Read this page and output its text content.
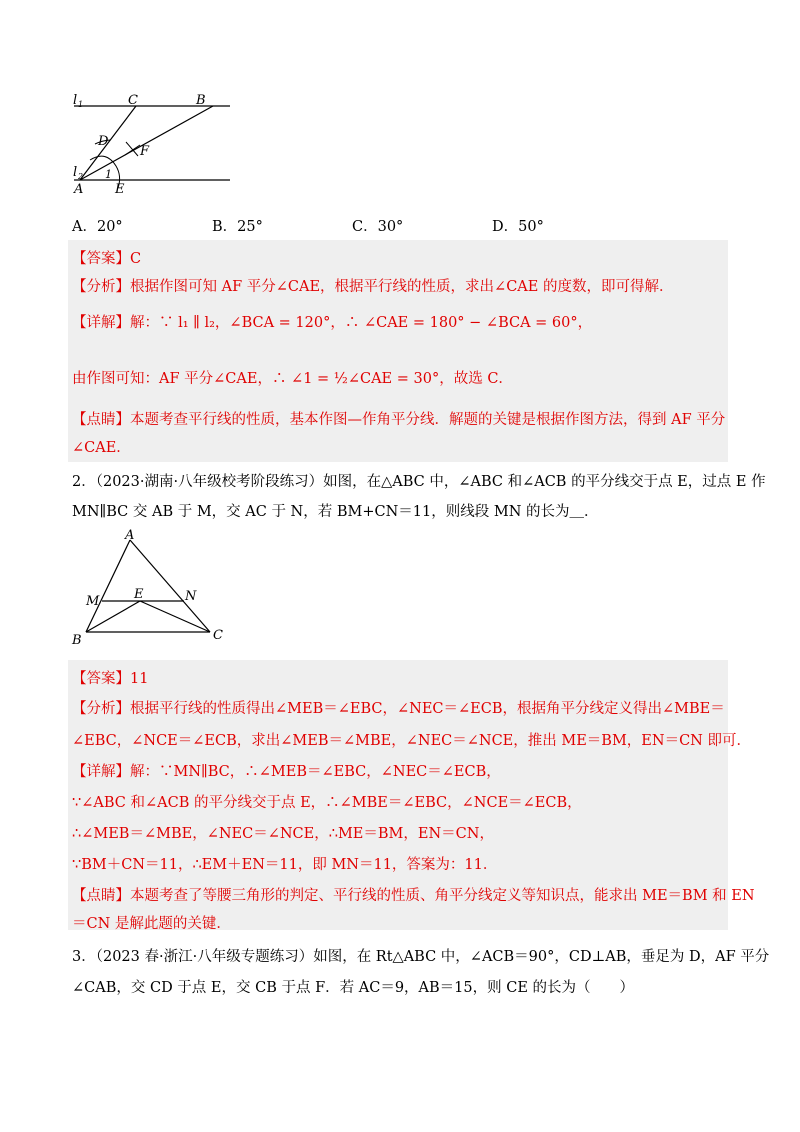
l 1	C	B
D
F
l 2 1
A E
A．20°	B．25°	C．30°	D．50°
【答案】C
【分析】根据作图可知 AF 平分∠CAE，根据平行线的性质，求出∠CAE 的度数，即可得解．
【详解】解：∵ l₁ ∥ l₂，∠BCA = 120°，∴ ∠CAE = 180° − ∠BCA = 60°，
由作图可知：AF 平分∠CAE，∴ ∠1 = ½∠CAE = 30°，故选 C．
【点睛】本题考查平行线的性质，基本作图—作角平分线．解题的关键是根据作图方法，得到 AF 平分
∠CAE．
2．（2023·湖南·八年级校考阶段练习）如图，在△ABC 中，∠ABC 和∠ACB 的平分线交于点 E，过点 E 作
MN∥BC 交 AB 于 M，交 AC 于 N，若 BM+CN＝11，则线段 MN 的长为＿．
A
M	E	N
B	C
【答案】11
【分析】根据平行线的性质得出∠MEB＝∠EBC，∠NEC＝∠ECB，根据角平分线定义得出∠MBE＝
∠EBC，∠NCE＝∠ECB，求出∠MEB＝∠MBE，∠NEC＝∠NCE，推出 ME＝BM，EN＝CN 即可．
【详解】解：∵MN∥BC，∴∠MEB＝∠EBC，∠NEC＝∠ECB，
∵∠ABC 和∠ACB 的平分线交于点 E，∴∠MBE＝∠EBC，∠NCE＝∠ECB，
∴∠MEB＝∠MBE，∠NEC＝∠NCE，∴ME＝BM，EN＝CN，
∵BM＋CN＝11，∴EM＋EN＝11，即 MN＝11，答案为：11．
【点睛】本题考查了等腰三角形的判定、平行线的性质、角平分线定义等知识点，能求出 ME＝BM 和 EN
＝CN 是解此题的关键．
3．（2023 春·浙江·八年级专题练习）如图，在 Rt△ABC 中，∠ACB＝90°，CD⊥AB，垂足为 D，AF 平分
∠CAB，交 CD 于点 E，交 CB 于点 F．若 AC＝9，AB＝15，则 CE 的长为（　　）
